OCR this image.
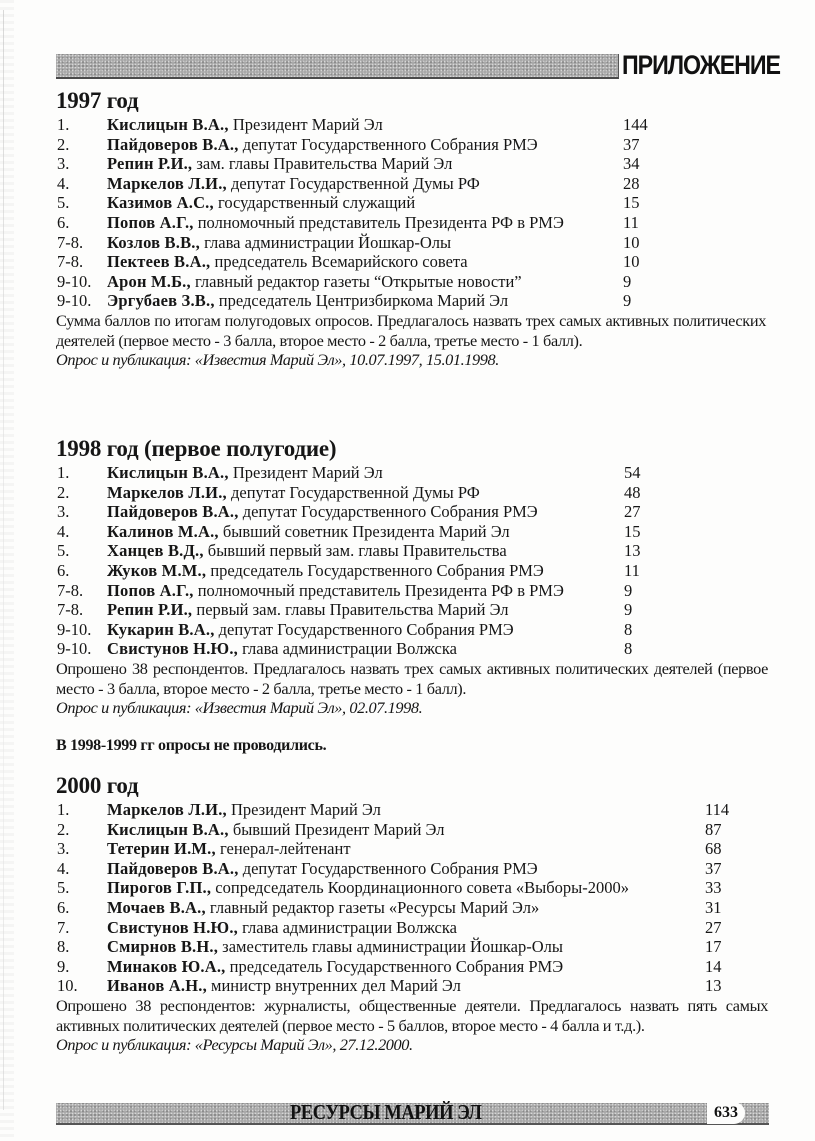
ПРИЛОЖЕНИЕ
1997 год
1. Кислицын В.А., Президент Марий Эл	144
2. Пайдоверов В.А., депутат Государственного Собрания РМЭ	37
3. Репин Р.И., зам. главы Правительства Марий Эл	34
4. Маркелов Л.И., депутат Государственной Думы РФ	28
5. Казимов А.С., государственный служащий	15
6. Попов А.Г., полномочный представитель Президента РФ в РМЭ	11
7-8. Козлов В.В., глава администрации Йошкар-Олы	10
7-8. Пектеев В.А., председатель Всемарийского совета	10
9-10. Арон М.Б., главный редактор газеты “Открытые новости”	9
9-10. Эргубаев З.В., председатель Центризбиркома Марий Эл	9

Сумма баллов по итогам полугодовых опросов. Предлагалось назвать трех самых активных политических деятелей (первое место - 3 балла, второе место - 2 балла, третье место - 1 балл).

Опрос и публикация: «Известия Марий Эл», 10.07.1997, 15.01.1998.

1998 год (первое полугодие)
1. Кислицын В.А., Президент Марий Эл	54
2. Маркелов Л.И., депутат Государственной Думы РФ	48
3. Пайдоверов В.А., депутат Государственного Собрания РМЭ	27
4. Калинов М.А., бывший советник Президента Марий Эл	15
5. Ханцев В.Д., бывший первый зам. главы Правительства	13
6. Жуков М.М., председатель Государственного Собрания РМЭ	11
7-8. Попов А.Г., полномочный представитель Президента РФ в РМЭ	9
7-8. Репин Р.И., первый зам. главы Правительства Марий Эл	9
9-10. Кукарин В.А., депутат Государственного Собрания РМЭ	8
9-10. Свистунов Н.Ю., глава администрации Волжска	8

Опрошено 38 респондентов. Предлагалось назвать трех самых активных политических деятелей (первое место - 3 балла, второе место - 2 балла, третье место - 1 балл).

Опрос и публикация: «Известия Марий Эл», 02.07.1998.

В 1998-1999 гг опросы не проводились.
2000 год
1. Маркелов Л.И., Президент Марий Эл	114
2. Кислицын В.А., бывший Президент Марий Эл	87
3. Тетерин И.М., генерал-лейтенант	68
4. Пайдоверов В.А., депутат Государственного Собрания РМЭ	37
5. Пирогов Г.П., сопредседатель Координационного совета «Выборы-2000»	33
6. Мочаев В.А., главный редактор газеты «Ресурсы Марий Эл»	31
7. Свистунов Н.Ю., глава администрации Волжска	27
8. Смирнов В.Н., заместитель главы администрации Йошкар-Олы	17
9. Минаков Ю.А., председатель Государственного Собрания РМЭ	14
10. Иванов А.Н., министр внутренних дел Марий Эл	13

Опрошено 38 респондентов: журналисты, общественные деятели. Предлагалось назвать пять самых активных политических деятелей (первое место - 5 баллов, второе место - 4 балла и т.д.).

Опрос и публикация: «Ресурсы Марий Эл», 27.12.2000.

РЕСУРСЫ МАРИЙ ЭЛ	633
